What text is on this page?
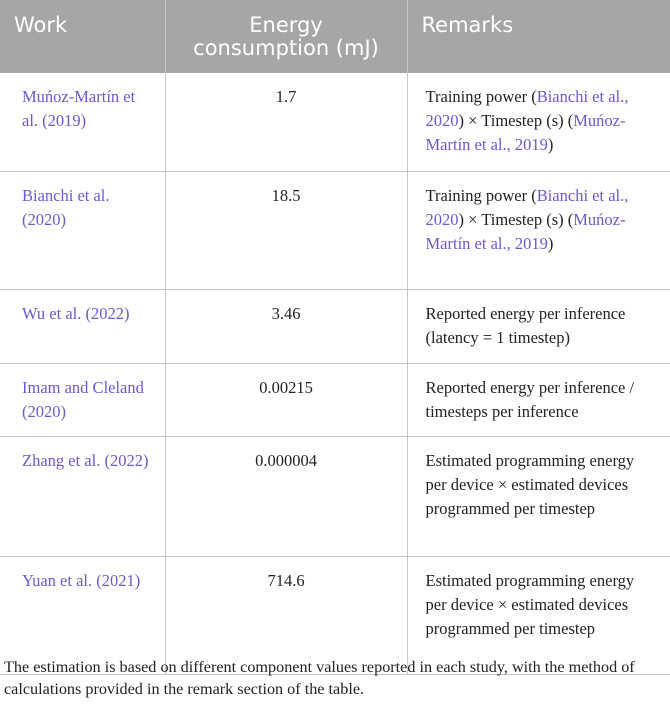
Work	Energy consumption (mJ)	Remarks
Muńoz-Martín et al. (2019)	1.7	Training power (Bianchi et al., 2020) × Timestep (s) (Muńoz-Martín et al., 2019)
Bianchi et al. (2020)	18.5	Training power (Bianchi et al., 2020) × Timestep (s) (Muńoz-Martín et al., 2019)
Wu et al. (2022)	3.46	Reported energy per inference (latency = 1 timestep)
Imam and Cleland (2020)	0.00215	Reported energy per inference / timesteps per inference
Zhang et al. (2022)	0.000004	Estimated programming energy per device × estimated devices programmed per timestep
Yuan et al. (2021)	714.6	Estimated programming energy per device × estimated devices programmed per timestep

The estimation is based on different component values reported in each study, with the method of calculations provided in the remark section of the table.
